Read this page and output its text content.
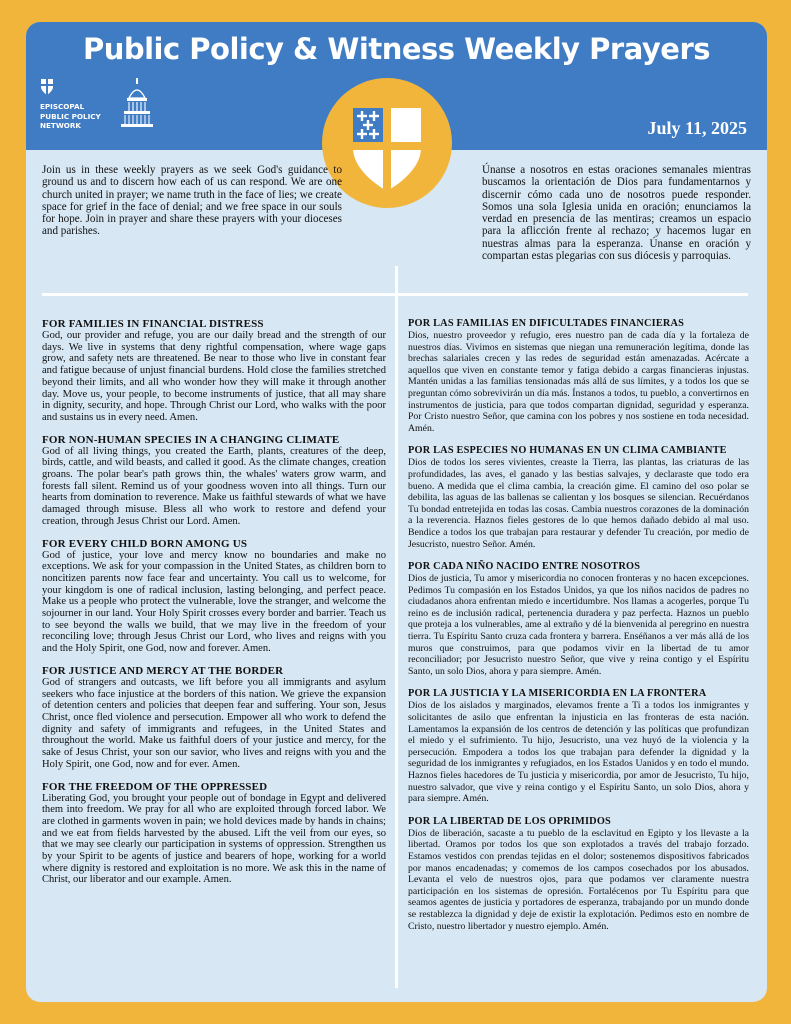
Public Policy & Witness Weekly Prayers
EPISCOPAL
PUBLIC POLICY
NETWORK	July 11, 2025
Join us in these weekly prayers as we seek God's guidance to ground us and to discern how each of us can respond. We are one church united in prayer; we name truth in the face of lies; we create space for grief in the face of denial; and we free space in our souls for hope. Join in prayer and share these prayers with your dioceses and parishes.
Únanse a nosotros en estas oraciones semanales mientras buscamos la orientación de Dios para fundamentarnos y discernir cómo cada uno de nosotros puede responder. Somos una sola Iglesia unida en oración; enunciamos la verdad en presencia de las mentiras; creamos un espacio para la aflicción frente al rechazo; y hacemos lugar en nuestras almas para la esperanza. Únanse en oración y compartan estas plegarias con sus diócesis y parroquias.
FOR FAMILIES IN FINANCIAL DISTRESS

God, our provider and refuge, you are our daily bread and the strength of our days. We live in systems that deny rightful compensation, where wage gaps grow, and safety nets are threatened. Be near to those who live in constant fear and fatigue because of unjust financial burdens. Hold close the families stretched beyond their limits, and all who wonder how they will make it through another day. Move us, your people, to become instruments of justice, that all may share in dignity, security, and hope. Through Christ our Lord, who walks with the poor and sustains us in every need. Amen.

FOR NON-HUMAN SPECIES IN A CHANGING CLIMATE

God of all living things, you created the Earth, plants, creatures of the deep, birds, cattle, and wild beasts, and called it good. As the climate changes, creation groans. The polar bear's path grows thin, the whales' waters grow warm, and forests fall silent. Remind us of your goodness woven into all things. Turn our hearts from domination to reverence. Make us faithful stewards of what we have damaged through misuse. Bless all who work to restore and defend your creation, through Jesus Christ our Lord. Amen.

FOR EVERY CHILD BORN AMONG US

God of justice, your love and mercy know no boundaries and make no exceptions. We ask for your compassion in the United States, as children born to noncitizen parents now face fear and uncertainty. You call us to welcome, for your kingdom is one of radical inclusion, lasting belonging, and perfect peace. Make us a people who protect the vulnerable, love the stranger, and welcome the sojourner in our land. Your Holy Spirit crosses every border and barrier. Teach us to see beyond the walls we build, that we may live in the freedom of your reconciling love; through Jesus Christ our Lord, who lives and reigns with you and the Holy Spirit, one God, now and forever. Amen.

FOR JUSTICE AND MERCY AT THE BORDER

God of strangers and outcasts, we lift before you all immigrants and asylum seekers who face injustice at the borders of this nation. We grieve the expansion of detention centers and policies that deepen fear and suffering. Your son, Jesus Christ, once fled violence and persecution. Empower all who work to defend the dignity and safety of immigrants and refugees, in the United States and throughout the world. Make us faithful doers of your justice and mercy, for the sake of Jesus Christ, your son our savior, who lives and reigns with you and the Holy Spirit, one God, now and for ever. Amen.

FOR THE FREEDOM OF THE OPPRESSED

Liberating God, you brought your people out of bondage in Egypt and delivered them into freedom. We pray for all who are exploited through forced labor. We are clothed in garments woven in pain; we hold devices made by hands in chains; and we eat from fields harvested by the abused. Lift the veil from our eyes, so that we may see clearly our participation in systems of oppression. Strengthen us by your Spirit to be agents of justice and bearers of hope, working for a world where dignity is restored and exploitation is no more. We ask this in the name of Christ, our liberator and our example. Amen.

POR LAS FAMILIAS EN DIFICULTADES FINANCIERAS

Dios, nuestro proveedor y refugio, eres nuestro pan de cada día y la fortaleza de nuestros días. Vivimos en sistemas que niegan una remuneración legítima, donde las brechas salariales crecen y las redes de seguridad están amenazadas. Acércate a aquellos que viven en constante temor y fatiga debido a cargas financieras injustas. Mantén unidas a las familias tensionadas más allá de sus límites, y a todos los que se preguntan cómo sobrevivirán un día más. Ínstanos a todos, tu pueblo, a convertirnos en instrumentos de justicia, para que todos compartan dignidad, seguridad y esperanza. Por Cristo nuestro Señor, que camina con los pobres y nos sostiene en toda necesidad. Amén.

POR LAS ESPECIES NO HUMANAS EN UN CLIMA CAMBIANTE

Dios de todos los seres vivientes, creaste la Tierra, las plantas, las criaturas de las profundidades, las aves, el ganado y las bestias salvajes, y declaraste que todo era bueno. A medida que el clima cambia, la creación gime. El camino del oso polar se debilita, las aguas de las ballenas se calientan y los bosques se silencian. Recuérdanos Tu bondad entretejida en todas las cosas. Cambia nuestros corazones de la dominación a la reverencia. Haznos fieles gestores de lo que hemos dañado debido al mal uso. Bendice a todos los que trabajan para restaurar y defender Tu creación, por medio de Jesucristo, nuestro Señor. Amén.

POR CADA NIÑO NACIDO ENTRE NOSOTROS

Dios de justicia, Tu amor y misericordia no conocen fronteras y no hacen excepciones. Pedimos Tu compasión en los Estados Unidos, ya que los niños nacidos de padres no ciudadanos ahora enfrentan miedo e incertidumbre. Nos llamas a acogerles, porque Tu reino es de inclusión radical, pertenencia duradera y paz perfecta. Haznos un pueblo que proteja a los vulnerables, ame al extraño y dé la bienvenida al peregrino en nuestra tierra. Tu Espíritu Santo cruza cada frontera y barrera. Enséñanos a ver más allá de los muros que construimos, para que podamos vivir en la libertad de tu amor reconciliador; por Jesucristo nuestro Señor, que vive y reina contigo y el Espíritu Santo, un solo Dios, ahora y para siempre. Amén.

POR LA JUSTICIA Y LA MISERICORDIA EN LA FRONTERA

Dios de los aislados y marginados, elevamos frente a Ti a todos los inmigrantes y solicitantes de asilo que enfrentan la injusticia en las fronteras de esta nación. Lamentamos la expansión de los centros de detención y las políticas que profundizan el miedo y el sufrimiento. Tu hijo, Jesucristo, una vez huyó de la violencia y la persecución. Empodera a todos los que trabajan para defender la dignidad y la seguridad de los inmigrantes y refugiados, en los Estados Uanidos y en todo el mundo. Haznos fieles hacedores de Tu justicia y misericordia, por amor de Jesucristo, Tu hijo, nuestro salvador, que vive y reina contigo y el Espíritu Santo, un solo Dios, ahora y para siempre. Amén.

POR LA LIBERTAD DE LOS OPRIMIDOS

Dios de liberación, sacaste a tu pueblo de la esclavitud en Egipto y los llevaste a la libertad. Oramos por todos los que son explotados a través del trabajo forzado. Estamos vestidos con prendas tejidas en el dolor; sostenemos dispositivos fabricados por manos encadenadas; y comemos de los campos cosechados por los abusados. Levanta el velo de nuestros ojos, para que podamos ver claramente nuestra participación en los sistemas de opresión. Fortalécenos por Tu Espíritu para que seamos agentes de justicia y portadores de esperanza, trabajando por un mundo donde se restablezca la dignidad y deje de existir la explotación. Pedimos esto en nombre de Cristo, nuestro libertador y nuestro ejemplo. Amén.
